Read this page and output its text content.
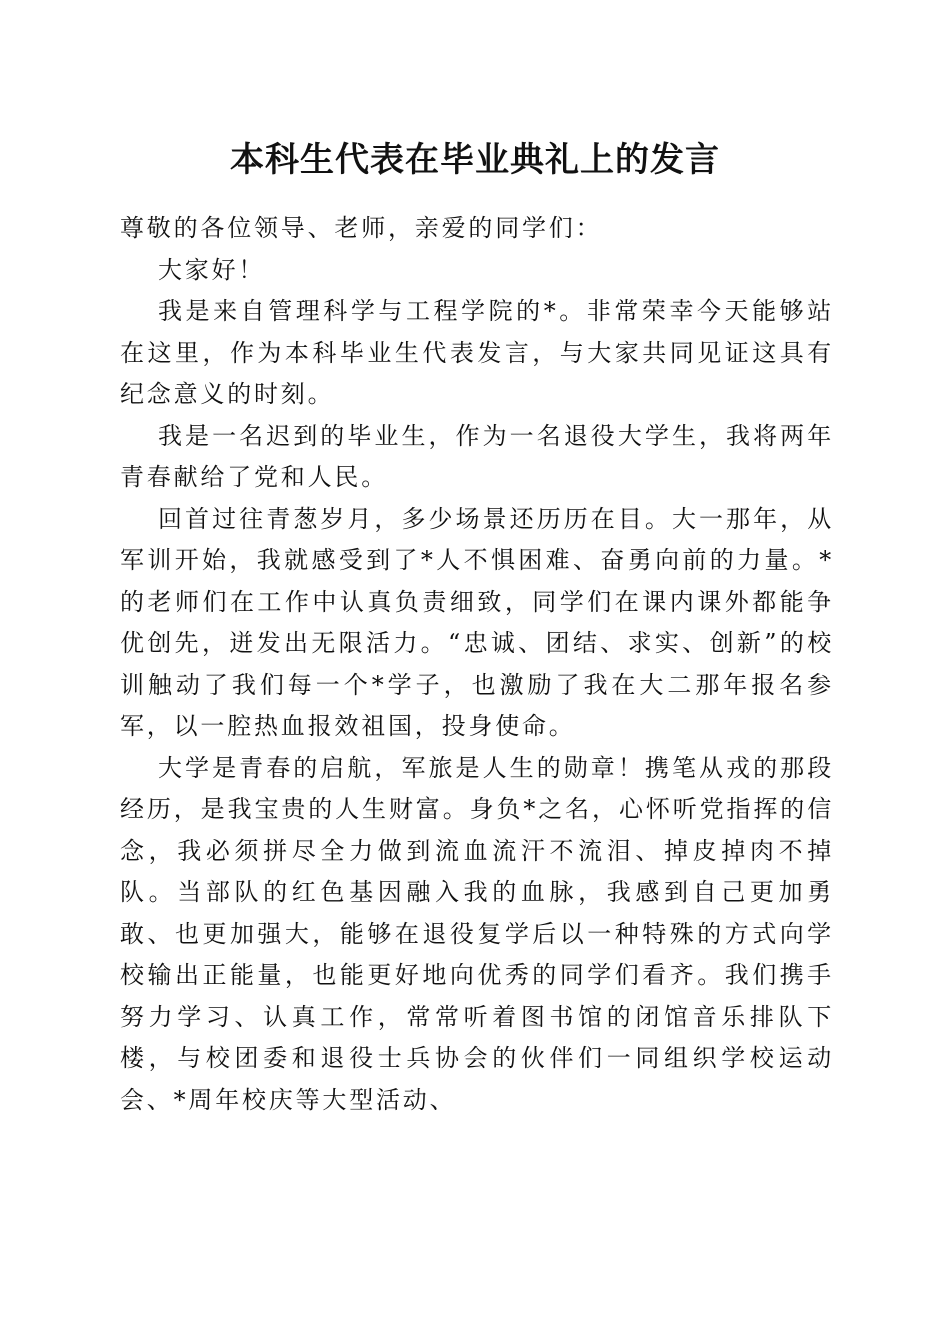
本科生代表在毕业典礼上的发言

尊敬的各位领导、老师，亲爱的同学们：

大家好！

我是来自管理科学与工程学院的*。非常荣幸今天能够站在这里，作为本科毕业生代表发言，与大家共同见证这具有纪念意义的时刻。

我是一名迟到的毕业生，作为一名退役大学生，我将两年青春献给了党和人民。

回首过往青葱岁月，多少场景还历历在目。大一那年，从军训开始，我就感受到了*人不惧困难、奋勇向前的力量。*的老师们在工作中认真负责细致，同学们在课内课外都能争优创先，迸发出无限活力。“忠诚、团结、求实、创新”的校训触动了我们每一个*学子，也激励了我在大二那年报名参军，以一腔热血报效祖国，投身使命。

大学是青春的启航，军旅是人生的勋章！携笔从戎的那段经历，是我宝贵的人生财富。身负*之名，心怀听党指挥的信念，我必须拼尽全力做到流血流汗不流泪、掉皮掉肉不掉队。当部队的红色基因融入我的血脉，我感到自己更加勇敢、也更加强大，能够在退役复学后以一种特殊的方式向学校输出正能量，也能更好地向优秀的同学们看齐。我们携手努力学习、认真工作，常常听着图书馆的闭馆音乐排队下楼，与校团委和退役士兵协会的伙伴们一同组织学校运动会、*周年校庆等大型活动、
